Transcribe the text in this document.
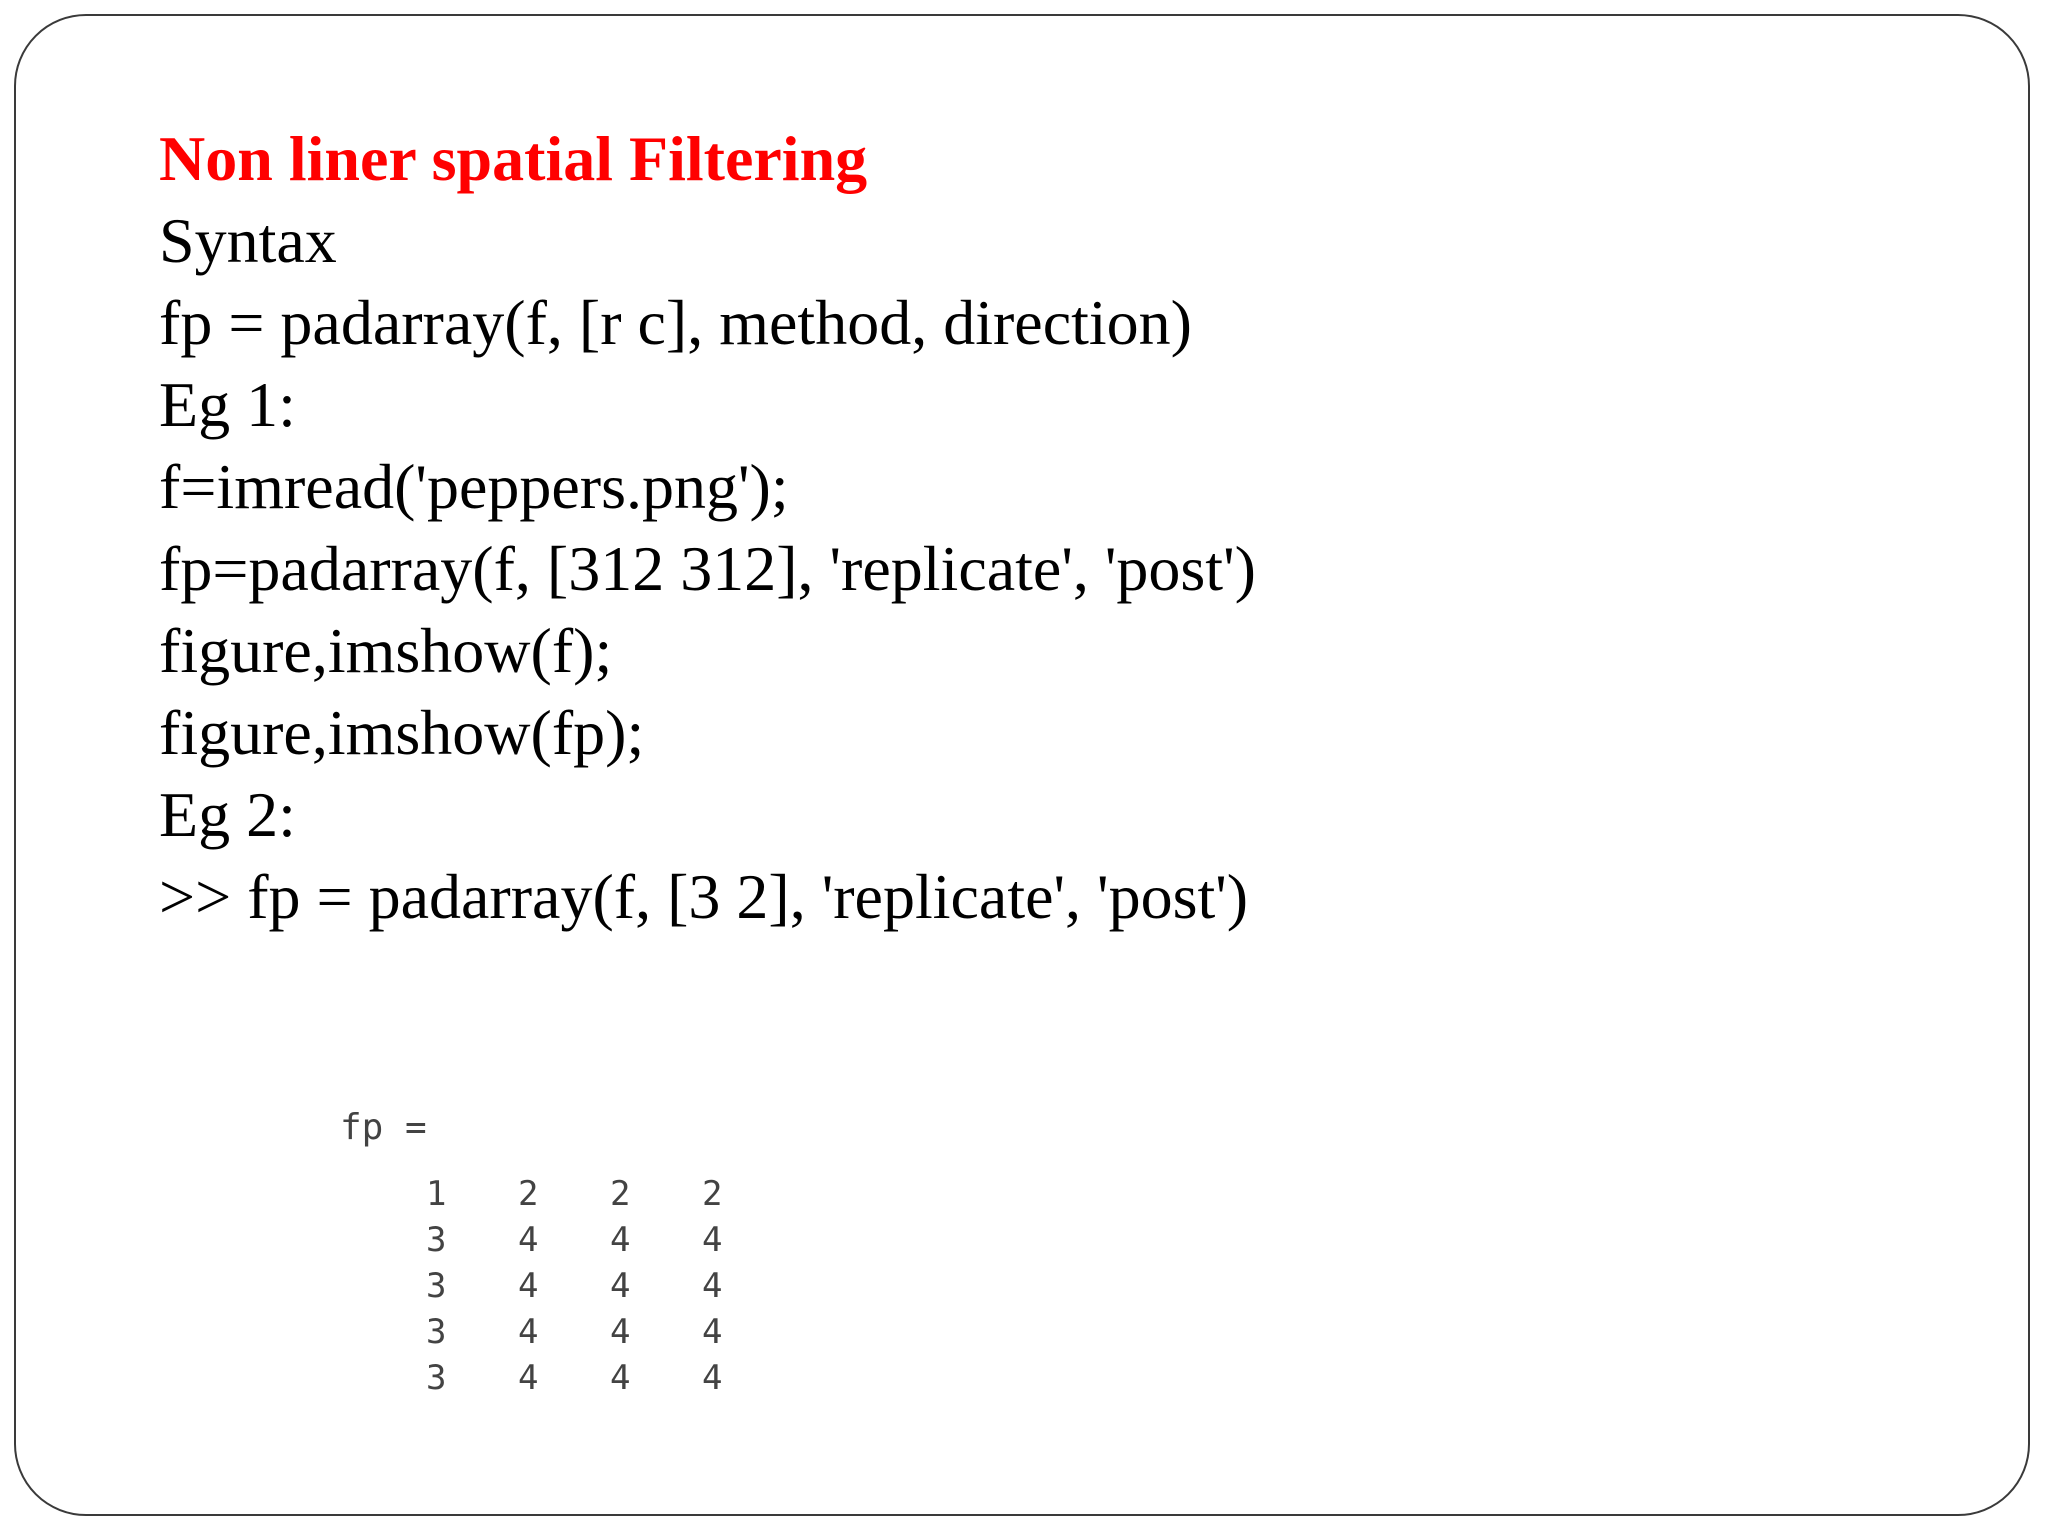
Non liner spatial Filtering
Syntax
fp = padarray(f, [r c], method, direction)
Eg 1:
f=imread('peppers.png');
fp=padarray(f, [312 312], 'replicate', 'post')
figure,imshow(f);
figure,imshow(fp);
Eg 2:
>> fp = padarray(f, [3 2], 'replicate', 'post')
fp =
1	2	2	2
3	4	4	4
3	4	4	4
3	4	4	4
3	4	4	4
